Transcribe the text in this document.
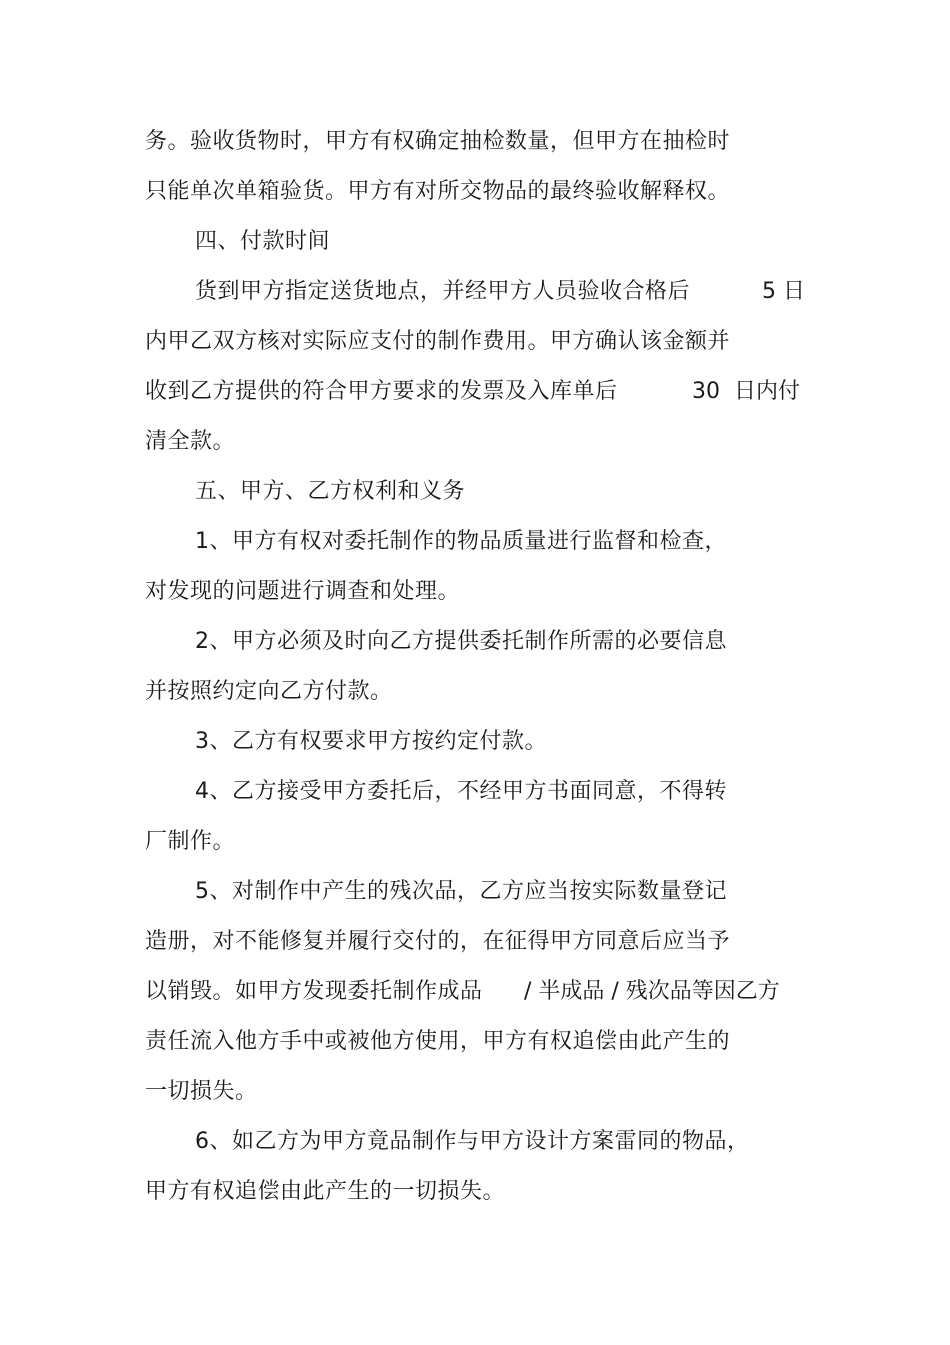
务。验收货物时，甲方有权确定抽检数量，但甲方在抽检时
只能单次单箱验货。甲方有对所交物品的最终验收解释权。
四、付款时间
货到甲方指定送货地点，并经甲方人员验收合格后	5 日
内甲乙双方核对实际应支付的制作费用。甲方确认该金额并
收到乙方提供的符合甲方要求的发票及入库单后	30  日内付
清全款。
五、甲方、乙方权利和义务
1、甲方有权对委托制作的物品质量进行监督和检查，
对发现的问题进行调查和处理。
2、甲方必须及时向乙方提供委托制作所需的必要信息
并按照约定向乙方付款。
3、乙方有权要求甲方按约定付款。
4、乙方接受甲方委托后，不经甲方书面同意，不得转
厂制作。
5、对制作中产生的残次品，乙方应当按实际数量登记
造册，对不能修复并履行交付的，在征得甲方同意后应当予
以销毁。如甲方发现委托制作成品 / 半成品 / 残次品等因乙方
责任流入他方手中或被他方使用，甲方有权追偿由此产生的
一切损失。
6、如乙方为甲方竟品制作与甲方设计方案雷同的物品，
甲方有权追偿由此产生的一切损失。
